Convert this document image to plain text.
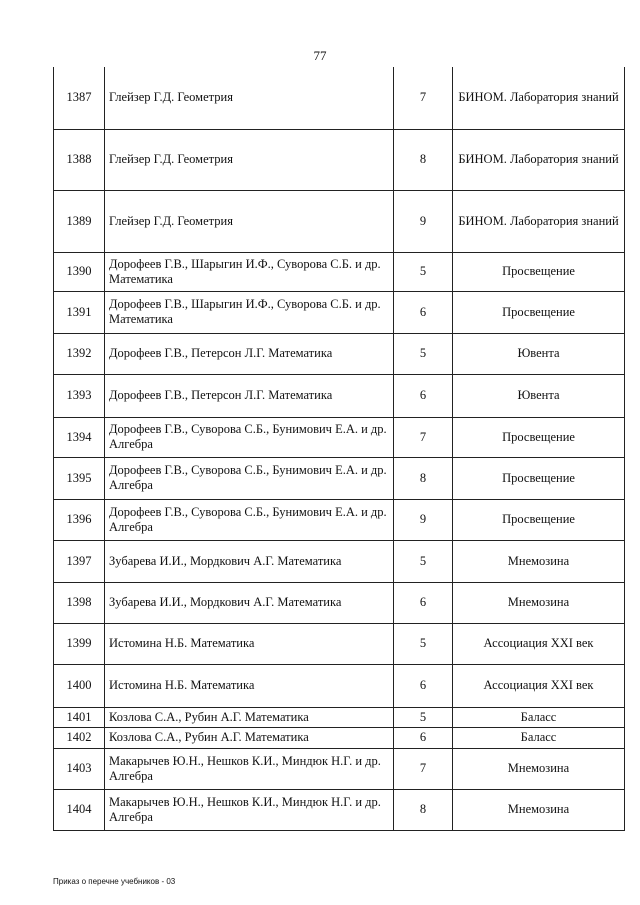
77
1387	Глейзер Г.Д. Геометрия	7	БИНОМ. Лаборатория знаний
1388	Глейзер Г.Д. Геометрия	8	БИНОМ. Лаборатория знаний
1389	Глейзер Г.Д. Геометрия	9	БИНОМ. Лаборатория знаний
1390	Дорофеев Г.В., Шарыгин И.Ф., Суворова С.Б. и др. Математика	5	Просвещение
1391	Дорофеев Г.В., Шарыгин И.Ф., Суворова С.Б. и др. Математика	6	Просвещение
1392	Дорофеев Г.В., Петерсон Л.Г. Математика	5	Ювента
1393	Дорофеев Г.В., Петерсон Л.Г. Математика	6	Ювента
1394	Дорофеев Г.В., Суворова С.Б., Бунимович Е.А. и др. Алгебра	7	Просвещение
1395	Дорофеев Г.В., Суворова С.Б., Бунимович Е.А. и др. Алгебра	8	Просвещение
1396	Дорофеев Г.В., Суворова С.Б., Бунимович Е.А. и др. Алгебра	9	Просвещение
1397	Зубарева И.И., Мордкович А.Г. Математика	5	Мнемозина
1398	Зубарева И.И., Мордкович А.Г. Математика	6	Мнемозина
1399	Истомина Н.Б. Математика	5	Ассоциация XXI век
1400	Истомина Н.Б. Математика	6	Ассоциация XXI век
1401	Козлова С.А., Рубин А.Г. Математика	5	Баласс
1402	Козлова С.А., Рубин А.Г. Математика	6	Баласс
1403	Макарычев Ю.Н., Нешков К.И., Миндюк Н.Г. и др. Алгебра	7	Мнемозина
1404	Макарычев Ю.Н., Нешков К.И., Миндюк Н.Г. и др. Алгебра	8	Мнемозина
Приказ о перечне учебников - 03
